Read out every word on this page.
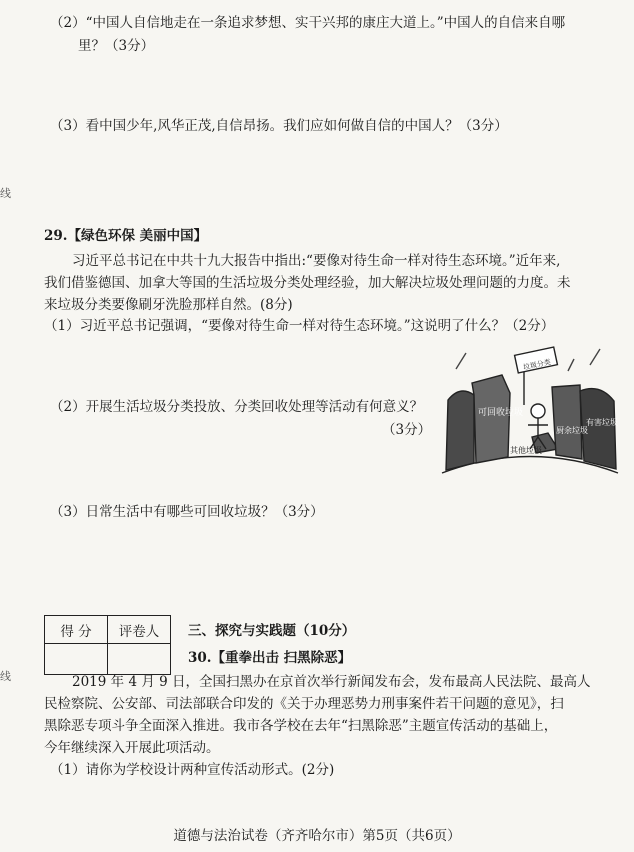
（2）“中国人自信地走在一条追求梦想、实干兴邦的康庄大道上。”中国人的自信来自哪
里？（3分）
（3）看中国少年,风华正茂,自信昂扬。我们应如何做自信的中国人？（3分）
线
线
29.【绿色环保 美丽中国】
习近平总书记在中共十九大报告中指出:“要像对待生命一样对待生态环境。”近年来,
我们借鉴德国、加拿大等国的生活垃圾分类处理经验，加大解决垃圾处理问题的力度。未
来垃圾分类要像刷牙洗脸那样自然。(8分)
（1）习近平总书记强调，“要像对待生命一样对待生态环境。”这说明了什么？（2分）
（2）开展生活垃圾分类投放、分类回收处理等活动有何意义？
（3分）
（3）日常生活中有哪些可回收垃圾？（3分）
垃圾分类
可回收垃圾
其他垃圾
厨余垃圾
有害垃圾
得 分	评卷人
	三、探究与实践题（10分）
30.【重拳出击 扫黑除恶】
2019 年 4 月 9 日，全国扫黑办在京首次举行新闻发布会，发布最高人民法院、最高人
民检察院、公安部、司法部联合印发的《关于办理恶势力刑事案件若干问题的意见》，扫
黑除恶专项斗争全面深入推进。我市各学校在去年“扫黑除恶”主题宣传活动的基础上，
今年继续深入开展此项活动。
（1）请你为学校设计两种宣传活动形式。(2分)
道德与法治试卷（齐齐哈尔市）第5页（共6页）
